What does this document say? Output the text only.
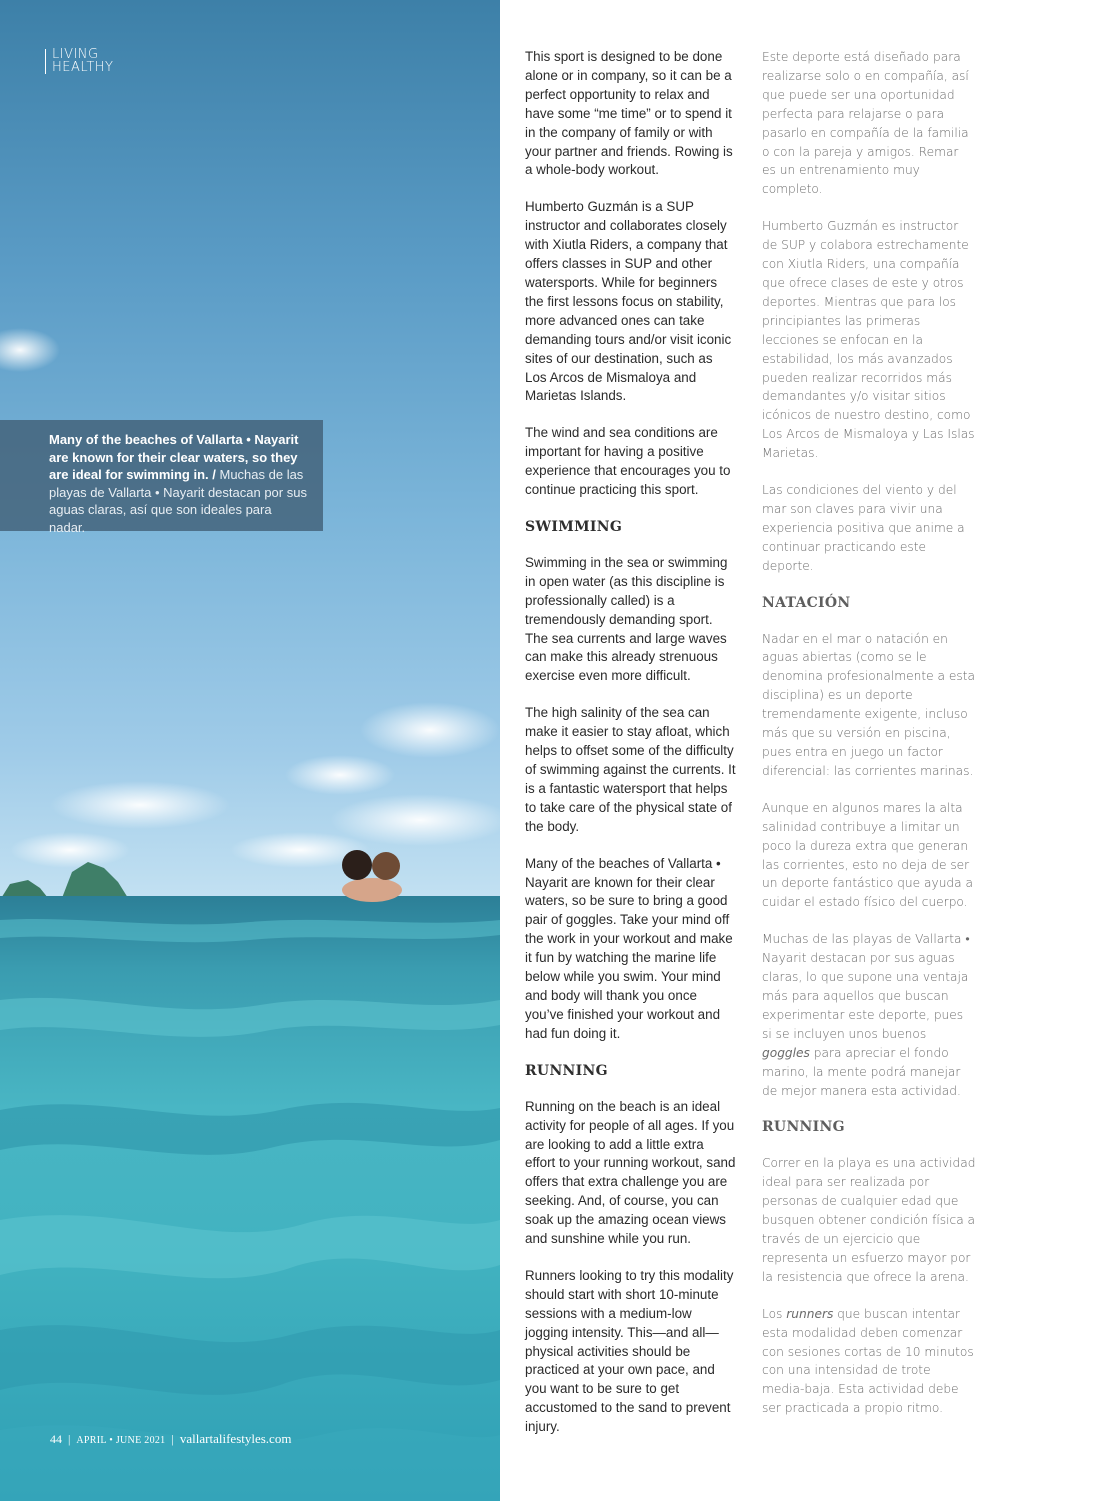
LIVING
HEALTHY
Many of the beaches of Vallarta • Nayarit are known for their clear waters, so they are ideal for swimming in. / Muchas de las playas de Vallarta • Nayarit destacan por sus aguas claras, así que son ideales para nadar.
44 | APRIL • JUNE 2021 | vallartalifestyles.com

This sport is designed to be done alone or in company, so it can be a perfect opportunity to relax and have some “me time” or to spend it in the company of family or with your partner and friends. Rowing is a whole-body workout.

Humberto Guzmán is a SUP instructor and collaborates closely with Xiutla Riders, a company that offers classes in SUP and other watersports. While for beginners the first lessons focus on stability, more advanced ones can take demanding tours and/or visit iconic sites of our destination, such as Los Arcos de Mismaloya and Marietas Islands.

The wind and sea conditions are important for having a positive experience that encourages you to continue practicing this sport.

SWIMMING

Swimming in the sea or swimming in open water (as this discipline is professionally called) is a tremendously demanding sport. The sea currents and large waves can make this already strenuous exercise even more difficult.

The high salinity of the sea can make it easier to stay afloat, which helps to offset some of the difficulty of swimming against the currents. It is a fantastic watersport that helps to take care of the physical state of the body.

Many of the beaches of Vallarta • Nayarit are known for their clear waters, so be sure to bring a good pair of goggles. Take your mind off the work in your workout and make it fun by watching the marine life below while you swim. Your mind and body will thank you once you’ve finished your workout and had fun doing it.

RUNNING

Running on the beach is an ideal activity for people of all ages. If you are looking to add a little extra effort to your running workout, sand offers that extra challenge you are seeking. And, of course, you can soak up the amazing ocean views and sunshine while you run.

Runners looking to try this modality should start with short 10-minute sessions with a medium-low jogging intensity. This—and all—physical activities should be practiced at your own pace, and you want to be sure to get accustomed to the sand to prevent injury.

Este deporte está diseñado para realizarse solo o en compañía, así que puede ser una oportunidad perfecta para relajarse o para pasarlo en compañía de la familia o con la pareja y amigos. Remar es un entrenamiento muy completo.

Humberto Guzmán es instructor de SUP y colabora estrechamente con Xiutla Riders, una compañía que ofrece clases de este y otros deportes. Mientras que para los principiantes las primeras lecciones se enfocan en la estabilidad, los más avanzados pueden realizar recorridos más demandantes y/o visitar sitios icónicos de nuestro destino, como Los Arcos de Mismaloya y Las Islas Marietas.

Las condiciones del viento y del mar son claves para vivir una experiencia positiva que anime a continuar practicando este deporte.

NATACIÓN

Nadar en el mar o natación en aguas abiertas (como se le denomina profesionalmente a esta disciplina) es un deporte tremendamente exigente, incluso más que su versión en piscina, pues entra en juego un factor diferencial: las corrientes marinas.

Aunque en algunos mares la alta salinidad contribuye a limitar un poco la dureza extra que generan las corrientes, esto no deja de ser un deporte fantástico que ayuda a cuidar el estado físico del cuerpo.

Muchas de las playas de Vallarta • Nayarit destacan por sus aguas claras, lo que supone una ventaja más para aquellos que buscan experimentar este deporte, pues si se incluyen unos buenos goggles para apreciar el fondo marino, la mente podrá manejar de mejor manera esta actividad.

RUNNING

Correr en la playa es una actividad ideal para ser realizada por personas de cualquier edad que busquen obtener condición física a través de un ejercicio que representa un esfuerzo mayor por la resistencia que ofrece la arena.

Los runners que buscan intentar esta modalidad deben comenzar con sesiones cortas de 10 minutos con una intensidad de trote media-baja. Esta actividad debe ser practicada a propio ritmo.
